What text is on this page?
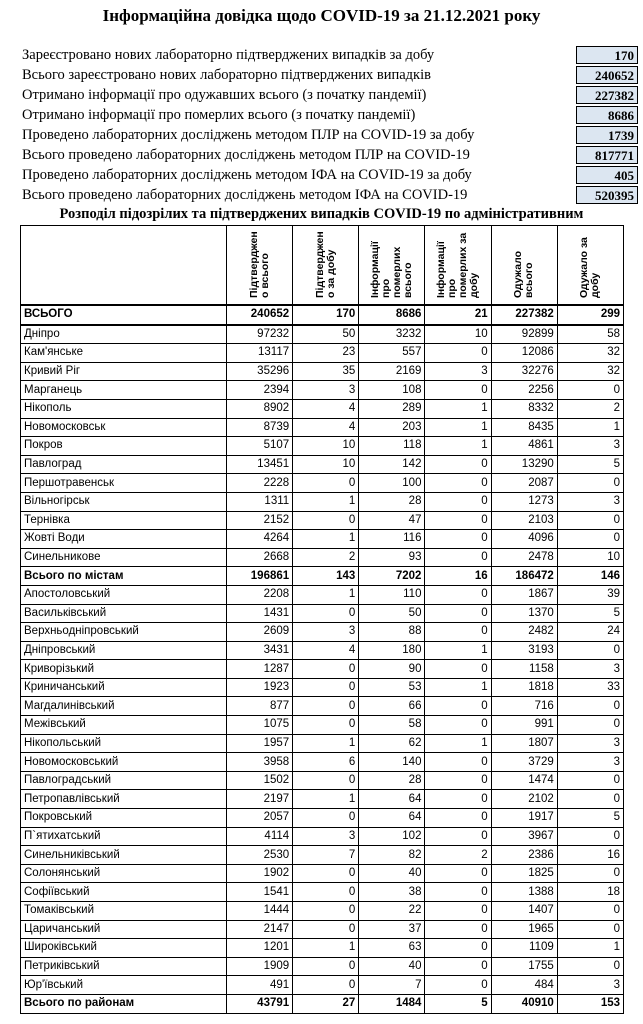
Інформаційна довідка щодо COVID-19 за 21.12.2021 року
Зареєстровано нових лабораторно підтверджених випадків за добу	170
Всього зареєстровано нових лабораторно підтверджених випадків	240652
Отримано інформації про одужавших всього (з початку пандемії)	227382
Отримано інформації про померлих всього (з початку пандемії)	8686
Проведено лабораторних досліджень методом ПЛР на COVID-19 за добу	1739
Всього проведено лабораторних досліджень методом ПЛР на COVID-19	817771
Проведено лабораторних досліджень методом ІФА на COVID-19 за добу	405
Всього проведено лабораторних досліджень методом ІФА на COVID-19	520395
Розподіл підозрілих та підтверджених випадків COVID-19 по адміністративним
	Підтверджен о всього	Підтверджен о за добу	Інформації про померлих всього	Інформації про померлих за добу	Одужало всього	Одужало за добу
ВСЬОГО	240652	170	8686	21	227382	299
Дніпро	97232	50	3232	10	92899	58
Кам'янське	13117	23	557	0	12086	32
Кривий Ріг	35296	35	2169	3	32276	32
Марганець	2394	3	108	0	2256	0
Нікополь	8902	4	289	1	8332	2
Новомосковськ	8739	4	203	1	8435	1
Покров	5107	10	118	1	4861	3
Павлоград	13451	10	142	0	13290	5
Першотравенськ	2228	0	100	0	2087	0
Вільногірськ	1311	1	28	0	1273	3
Тернівка	2152	0	47	0	2103	0
Жовті Води	4264	1	116	0	4096	0
Синельникове	2668	2	93	0	2478	10
Всього по містам	196861	143	7202	16	186472	146
Апостоловський	2208	1	110	0	1867	39
Васильківський	1431	0	50	0	1370	5
Верхньодніпровський	2609	3	88	0	2482	24
Дніпровський	3431	4	180	1	3193	0
Криворізький	1287	0	90	0	1158	3
Криничанський	1923	0	53	1	1818	33
Магдалинівський	877	0	66	0	716	0
Межівський	1075	0	58	0	991	0
Нікопольський	1957	1	62	1	1807	3
Новомосковський	3958	6	140	0	3729	3
Павлоградський	1502	0	28	0	1474	0
Петропавлівський	2197	1	64	0	2102	0
Покровський	2057	0	64	0	1917	5
П`ятихатський	4114	3	102	0	3967	0
Синельниківський	2530	7	82	2	2386	16
Солонянський	1902	0	40	0	1825	0
Софіївський	1541	0	38	0	1388	18
Томаківський	1444	0	22	0	1407	0
Царичанський	2147	0	37	0	1965	0
Широківський	1201	1	63	0	1109	1
Петриківський	1909	0	40	0	1755	0
Юр'ївський	491	0	7	0	484	3
Всього по районам	43791	27	1484	5	40910	153
